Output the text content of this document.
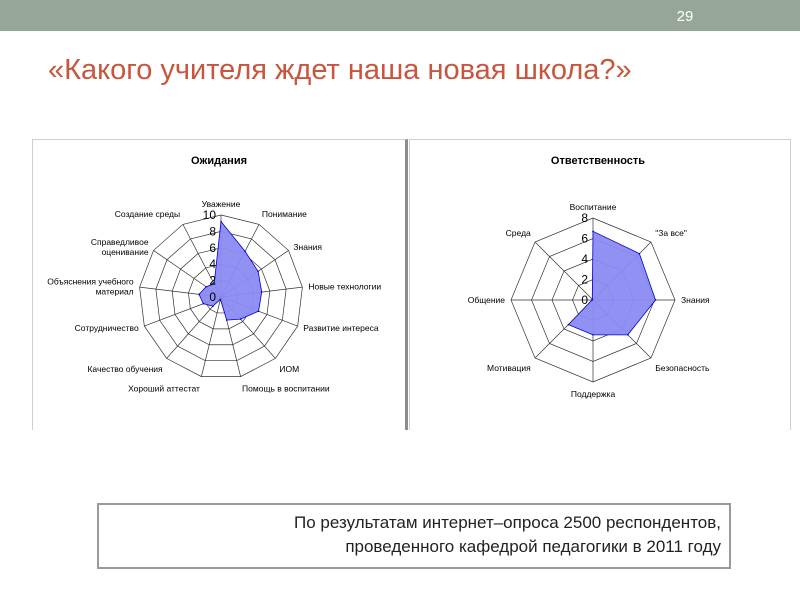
29
«Какого учителя ждет наша новая школа?»
Ожидания
0
2
4
6
8
10
Уважение
Понимание
Знания
Новые технологии
Развитие интереса
ИОМ
Помощь в воспитании
Хороший аттестат
Качество обучения
Сотрудничество
Объяснения учебного материал
Справедливое оценивание
Создание среды
Ответственность
0
2
4
6
8
Воспитание
"За все"
Знания
Безопасность
Поддержка
Мотивация
Общение
Среда
По результатам интернет–опроса 2500 респондентов,
проведенного кафедрой педагогики в 2011 году
